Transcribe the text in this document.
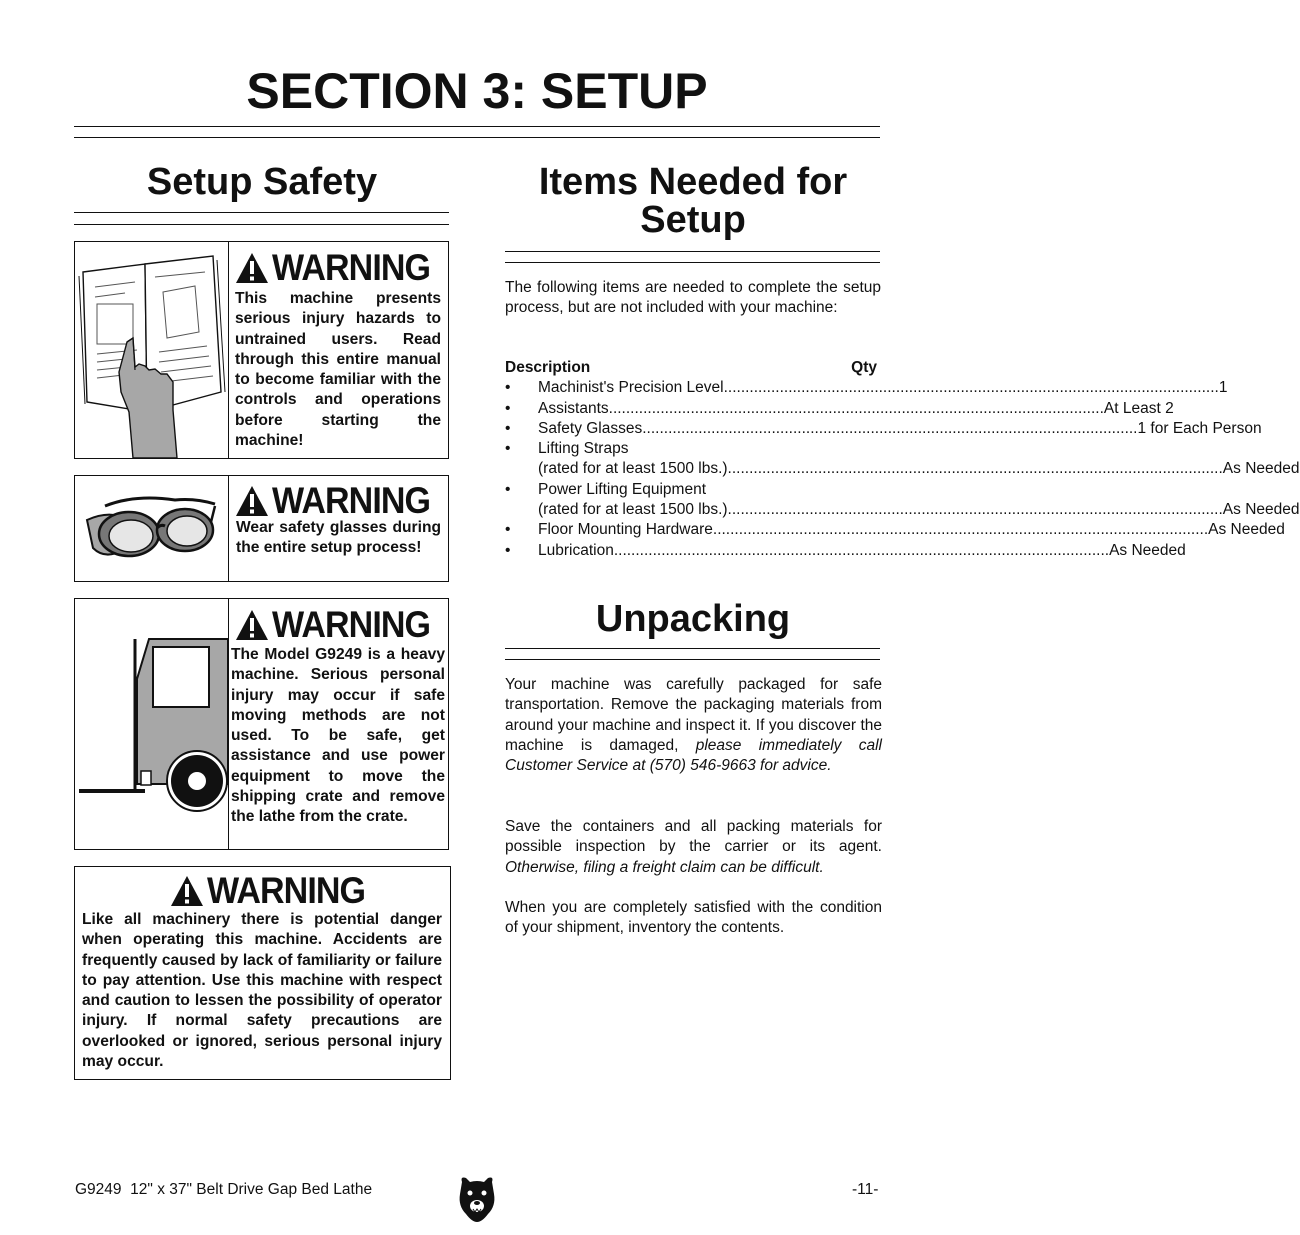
SECTION 3: SETUP
Setup Safety
WARNING
This machine presents serious injury hazards to untrained users. Read through this entire manual to become familiar with the controls and operations before starting the machine!
WARNING
Wear safety glasses during the entire setup process!
WARNING
The Model G9249 is a heavy machine. Serious personal injury may occur if safe moving methods are not used. To be safe, get assistance and use power equipment to move the shipping crate and remove the lathe from the crate.
WARNING
Like all machinery there is potential danger when operating this machine. Accidents are frequently caused by lack of familiarity or failure to pay attention. Use this machine with respect and caution to lessen the possibility of operator injury. If normal safety precautions are overlooked or ignored, serious personal injury may occur.
Items Needed for
Setup
The following items are needed to complete the setup process, but are not included with your machine:
Description	Qty
•	Machinist's Precision Level .....	1
•	Assistants .....	At Least 2
•	Safety Glasses .....	1 for Each Person
•	Lifting Straps
(rated for at least 1500 lbs.) .....	As Needed
•	Power Lifting Equipment
(rated for at least 1500 lbs.) .....	As Needed
•	Floor Mounting Hardware .....	As Needed
•	Lubrication .....	As Needed
Unpacking
Your machine was carefully packaged for safe transportation. Remove the packaging materials from around your machine and inspect it. If you discover the machine is damaged, please immediately call Customer Service at (570) 546-9663 for advice.
Save the containers and all packing materials for possible inspection by the carrier or its agent. Otherwise, filing a freight claim can be difficult.
When you are completely satisfied with the condition of your shipment, inventory the contents.
G9249  12" x 37" Belt Drive Gap Bed Lathe	-11-
